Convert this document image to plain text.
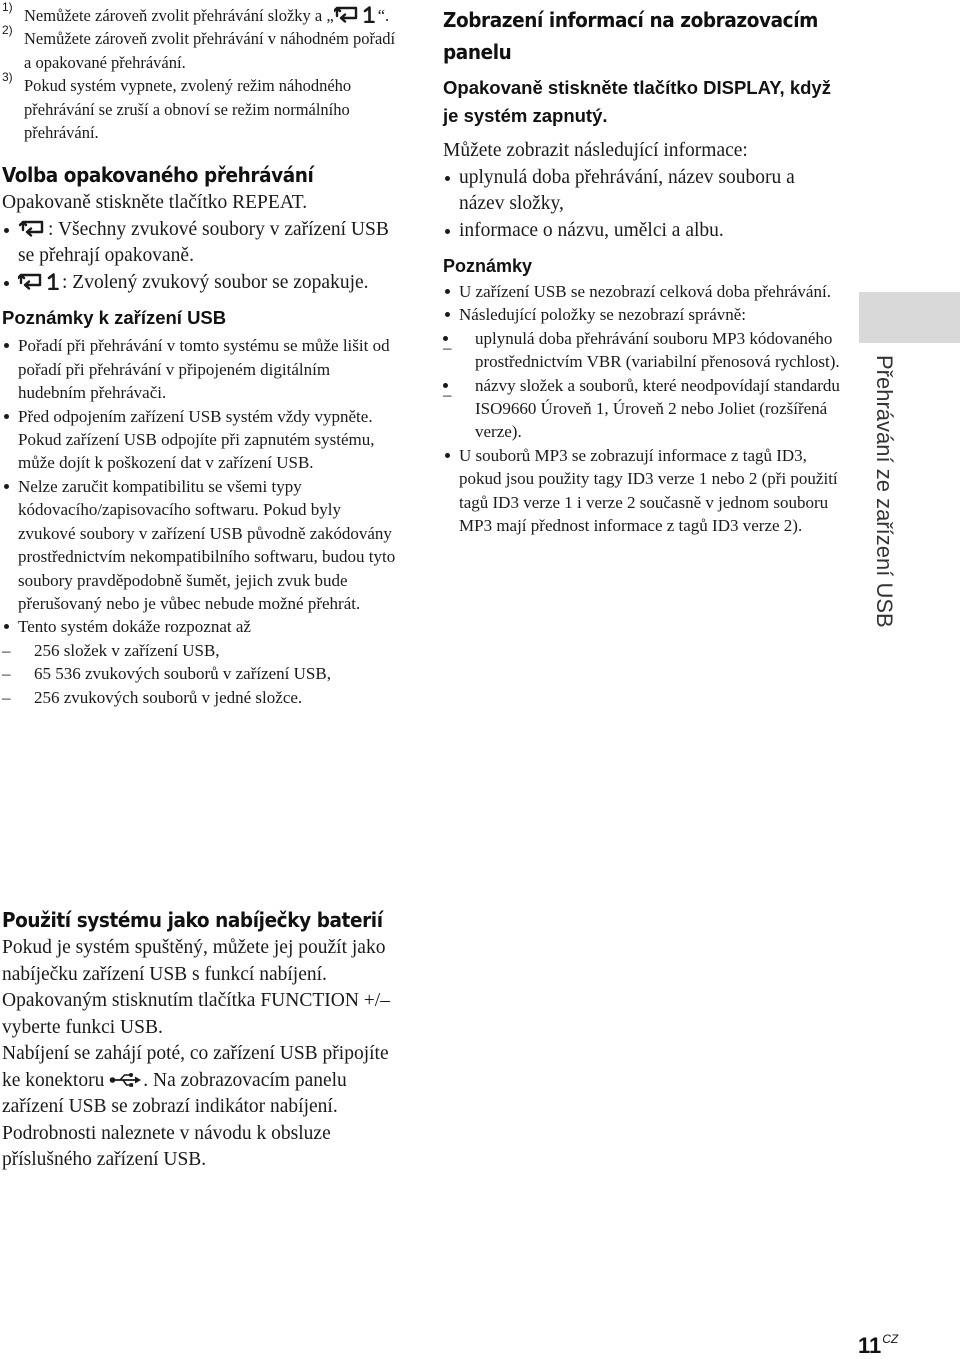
1) Nemůžete zároveň zvolit přehrávání složky a „	“.
2) Nemůžete zároveň zvolit přehrávání v náhodném pořadí a opakované přehrávání.
3) Pokud systém vypnete, zvolený režim náhodného přehrávání se zruší a obnoví se režim normálního přehrávání.
Volba opakovaného přehrávání

Opakovaně stiskněte tlačítko REPEAT.

: Všechny zvukové soubory v zařízení USB se přehrají opakovaně.
: Zvolený zvukový soubor se zopakuje.
Poznámky k zařízení USB
Pořadí při přehrávání v tomto systému se může lišit od pořadí při přehrávání v připojeném digitálním hudebním přehrávači.
Před odpojením zařízení USB systém vždy vypněte. Pokud zařízení USB odpojíte při zapnutém systému, může dojít k poškození dat v zařízení USB.
Nelze zaručit kompatibilitu se všemi typy kódovacího/zapisovacího softwaru. Pokud byly zvukové soubory v zařízení USB původně zakódovány prostřednictvím nekompatibilního softwaru, budou tyto soubory pravděpodobně šumět, jejich zvuk bude přerušovaný nebo je vůbec nebude možné přehrát.
Tento systém dokáže rozpoznat až
– 256 složek v zařízení USB,
– 65 536 zvukových souborů v zařízení USB,
– 256 zvukových souborů v jedné složce.
Použití systému jako nabíječky baterií

Pokud je systém spuštěný, můžete jej použít jako nabíječku zařízení USB s funkcí nabíjení.

Opakovaným stisknutím tlačítka FUNCTION +/– vyberte funkci USB.

Nabíjení se zahájí poté, co zařízení USB připojíte ke konektoru . Na zobrazovacím panelu zařízení USB se zobrazí indikátor nabíjení. Podrobnosti naleznete v návodu k obsluze příslušného zařízení USB.

Zobrazení informací na zobrazovacím panelu
Opakovaně stiskněte tlačítko DISPLAY, když je systém zapnutý.

Můžete zobrazit následující informace:

uplynulá doba přehrávání, název souboru a název složky,
informace o názvu, umělci a albu.
Poznámky
U zařízení USB se nezobrazí celková doba přehrávání.
Následující položky se nezobrazí správně:
– uplynulá doba přehrávání souboru MP3 kódovaného prostřednictvím VBR (variabilní přenosová rychlost).
– názvy složek a souborů, které neodpovídají standardu ISO9660 Úroveň 1, Úroveň 2 nebo Joliet (rozšířená verze).
U souborů MP3 se zobrazují informace z tagů ID3, pokud jsou použity tagy ID3 verze 1 nebo 2 (při použití tagů ID3 verze 1 i verze 2 současně v jednom souboru MP3 mají přednost informace z tagů ID3 verze 2).	Přehrávání ze zařízení USB
$11^{CZ}$
